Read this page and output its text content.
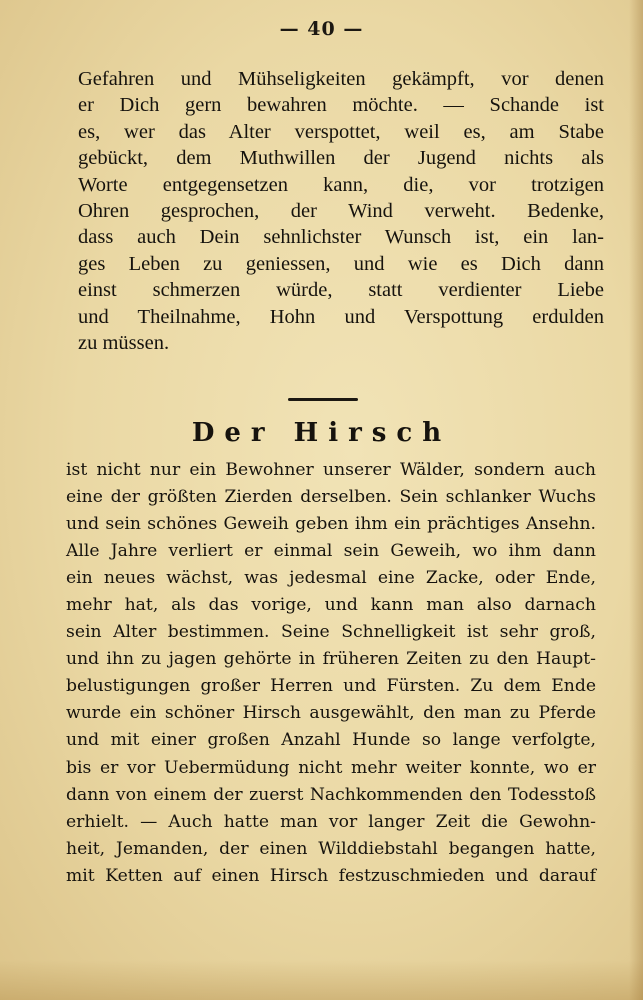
— 40 —
Gefahren und Mühseligkeiten gekämpft, vor denen
er Dich gern bewahren möchte. — Schande ist
es, wer das Alter verspottet, weil es, am Stabe
gebückt, dem Muthwillen der Jugend nichts als
Worte entgegensetzen kann, die, vor trotzigen
Ohren gesprochen, der Wind verweht. Bedenke,
dass auch Dein sehnlichster Wunsch ist, ein lan-
ges Leben zu geniessen, und wie es Dich dann
einst schmerzen würde, statt verdienter Liebe
und Theilnahme, Hohn und Verspottung erdulden
zu müssen.
Der Hirsch
ist nicht nur ein Bewohner unserer Wälder, sondern auch
eine der größten Zierden derselben. Sein schlanker Wuchs
und sein schönes Geweih geben ihm ein prächtiges Ansehn.
Alle Jahre verliert er einmal sein Geweih, wo ihm dann
ein neues wächst, was jedesmal eine Zacke, oder Ende,
mehr hat, als das vorige, und kann man also darnach
sein Alter bestimmen. Seine Schnelligkeit ist sehr groß,
und ihn zu jagen gehörte in früheren Zeiten zu den Haupt-
belustigungen großer Herren und Fürsten. Zu dem Ende
wurde ein schöner Hirsch ausgewählt, den man zu Pferde
und mit einer großen Anzahl Hunde so lange verfolgte,
bis er vor Uebermüdung nicht mehr weiter konnte, wo er
dann von einem der zuerst Nachkommenden den Todesstoß
erhielt. — Auch hatte man vor langer Zeit die Gewohn-
heit, Jemanden, der einen Wilddiebstahl begangen hatte,
mit Ketten auf einen Hirsch festzuschmieden und darauf
